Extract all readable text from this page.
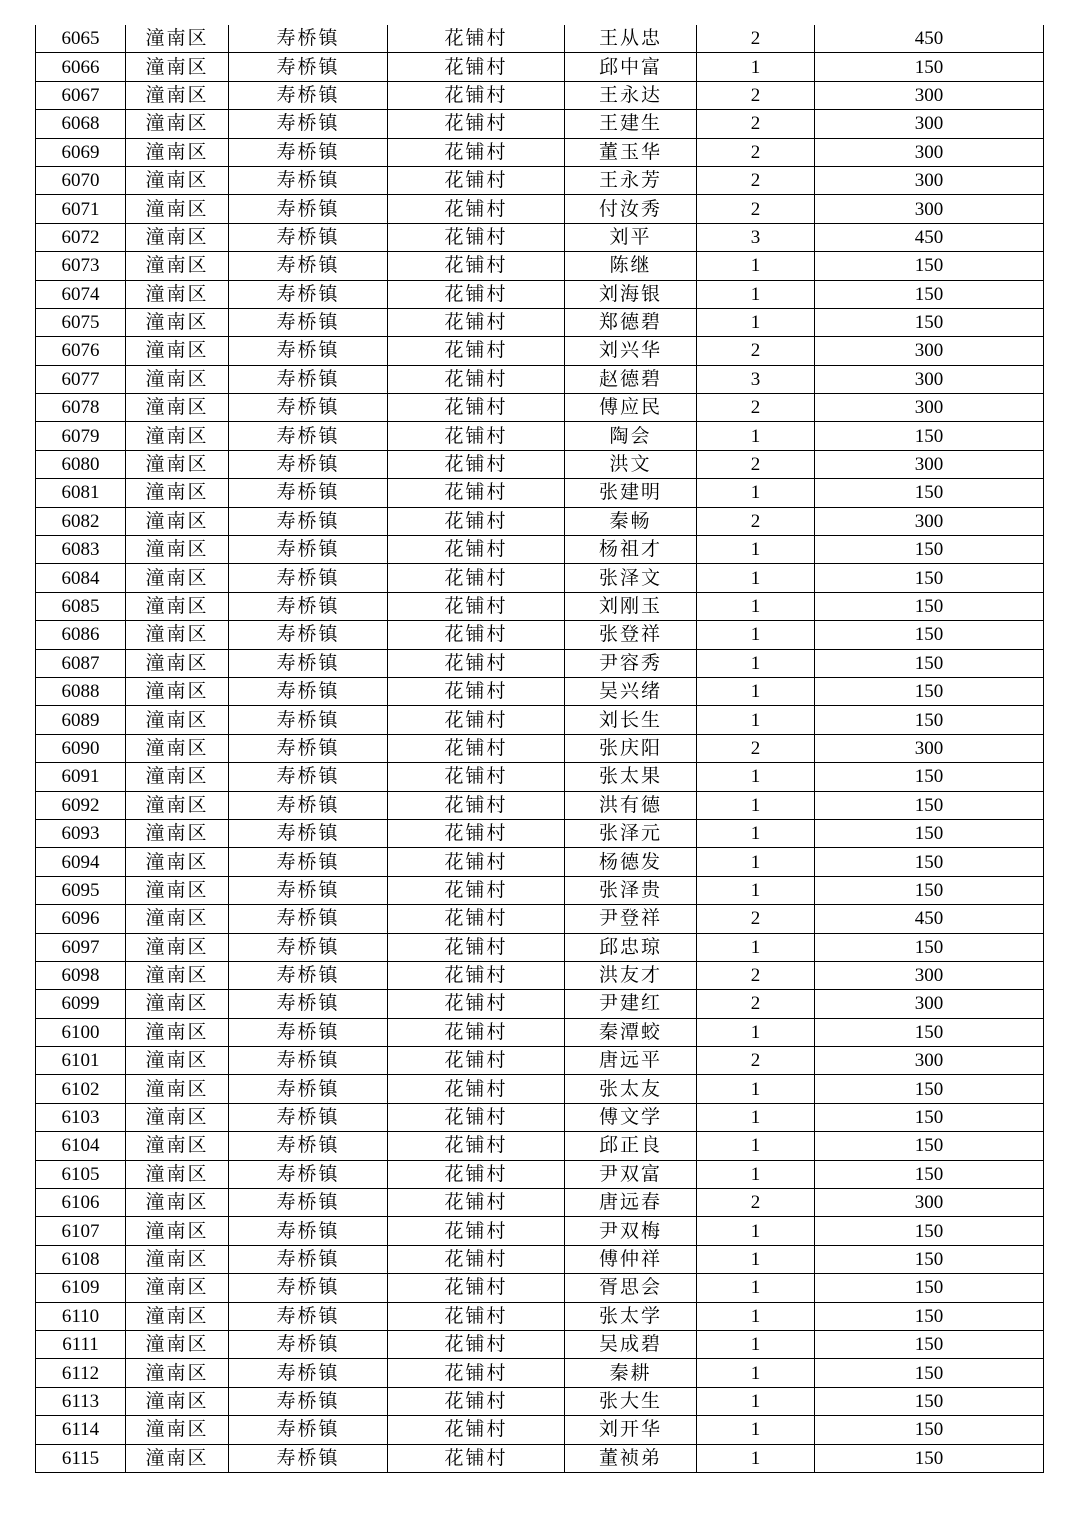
6065	潼南区	寿桥镇	花铺村	王从忠	2	450
6066	潼南区	寿桥镇	花铺村	邱中富	1	150
6067	潼南区	寿桥镇	花铺村	王永达	2	300
6068	潼南区	寿桥镇	花铺村	王建生	2	300
6069	潼南区	寿桥镇	花铺村	董玉华	2	300
6070	潼南区	寿桥镇	花铺村	王永芳	2	300
6071	潼南区	寿桥镇	花铺村	付汝秀	2	300
6072	潼南区	寿桥镇	花铺村	刘平	3	450
6073	潼南区	寿桥镇	花铺村	陈继	1	150
6074	潼南区	寿桥镇	花铺村	刘海银	1	150
6075	潼南区	寿桥镇	花铺村	郑德碧	1	150
6076	潼南区	寿桥镇	花铺村	刘兴华	2	300
6077	潼南区	寿桥镇	花铺村	赵德碧	3	300
6078	潼南区	寿桥镇	花铺村	傅应民	2	300
6079	潼南区	寿桥镇	花铺村	陶会	1	150
6080	潼南区	寿桥镇	花铺村	洪文	2	300
6081	潼南区	寿桥镇	花铺村	张建明	1	150
6082	潼南区	寿桥镇	花铺村	秦畅	2	300
6083	潼南区	寿桥镇	花铺村	杨祖才	1	150
6084	潼南区	寿桥镇	花铺村	张泽文	1	150
6085	潼南区	寿桥镇	花铺村	刘刚玉	1	150
6086	潼南区	寿桥镇	花铺村	张登祥	1	150
6087	潼南区	寿桥镇	花铺村	尹容秀	1	150
6088	潼南区	寿桥镇	花铺村	吴兴绪	1	150
6089	潼南区	寿桥镇	花铺村	刘长生	1	150
6090	潼南区	寿桥镇	花铺村	张庆阳	2	300
6091	潼南区	寿桥镇	花铺村	张太果	1	150
6092	潼南区	寿桥镇	花铺村	洪有德	1	150
6093	潼南区	寿桥镇	花铺村	张泽元	1	150
6094	潼南区	寿桥镇	花铺村	杨德发	1	150
6095	潼南区	寿桥镇	花铺村	张泽贵	1	150
6096	潼南区	寿桥镇	花铺村	尹登祥	2	450
6097	潼南区	寿桥镇	花铺村	邱忠琼	1	150
6098	潼南区	寿桥镇	花铺村	洪友才	2	300
6099	潼南区	寿桥镇	花铺村	尹建红	2	300
6100	潼南区	寿桥镇	花铺村	秦潭蛟	1	150
6101	潼南区	寿桥镇	花铺村	唐远平	2	300
6102	潼南区	寿桥镇	花铺村	张太友	1	150
6103	潼南区	寿桥镇	花铺村	傅文学	1	150
6104	潼南区	寿桥镇	花铺村	邱正良	1	150
6105	潼南区	寿桥镇	花铺村	尹双富	1	150
6106	潼南区	寿桥镇	花铺村	唐远春	2	300
6107	潼南区	寿桥镇	花铺村	尹双梅	1	150
6108	潼南区	寿桥镇	花铺村	傅仲祥	1	150
6109	潼南区	寿桥镇	花铺村	胥思会	1	150
6110	潼南区	寿桥镇	花铺村	张太学	1	150
6111	潼南区	寿桥镇	花铺村	吴成碧	1	150
6112	潼南区	寿桥镇	花铺村	秦耕	1	150
6113	潼南区	寿桥镇	花铺村	张大生	1	150
6114	潼南区	寿桥镇	花铺村	刘开华	1	150
6115	潼南区	寿桥镇	花铺村	董祯弟	1	150
